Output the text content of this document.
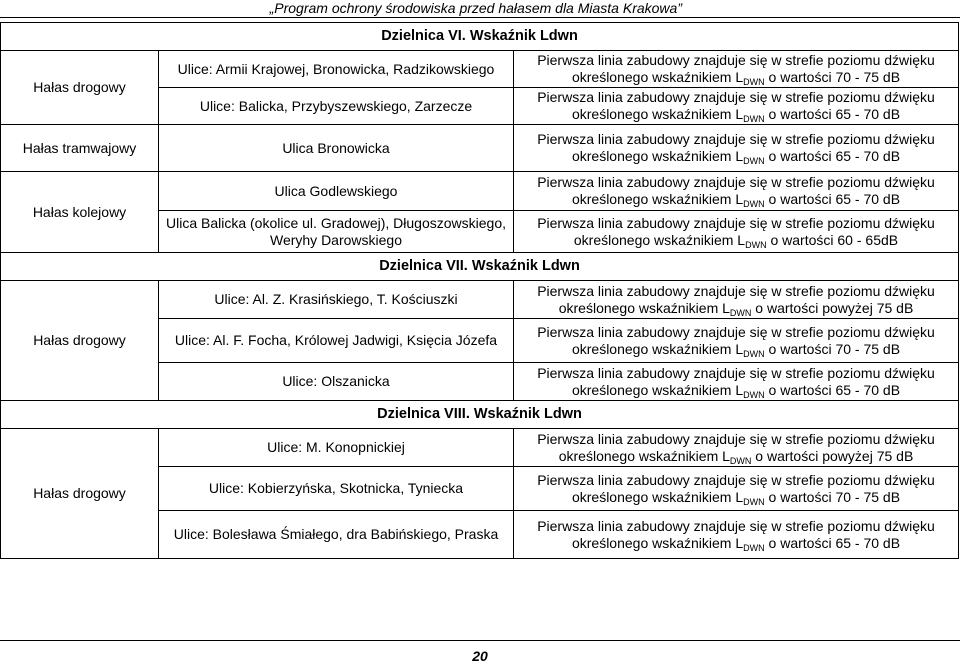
„Program ochrony środowiska przed hałasem dla Miasta Krakowa”
Dzielnica VI. Wskaźnik Ldwn		
Hałas drogowy	Ulice: Armii Krajowej, Bronowicka, Radzikowskiego	Pierwsza linia zabudowy znajduje się w strefie poziomu dźwięku
określonego wskaźnikiem $L_{DWN}$ o wartości 70 - 75 dB
	Ulice: Balicka, Przybyszewskiego, Zarzecze	Pierwsza linia zabudowy znajduje się w strefie poziomu dźwięku
określonego wskaźnikiem $L_{DWN}$ o wartości 65 - 70 dB
Hałas tramwajowy	Ulica Bronowicka	Pierwsza linia zabudowy znajduje się w strefie poziomu dźwięku
określonego wskaźnikiem $L_{DWN}$ o wartości 65 - 70 dB
Hałas kolejowy	Ulica Godlewskiego	Pierwsza linia zabudowy znajduje się w strefie poziomu dźwięku
określonego wskaźnikiem $L_{DWN}$ o wartości 65 - 70 dB
	Ulica Balicka (okolice ul. Gradowej), Długoszowskiego, Weryhy Darowskiego	Pierwsza linia zabudowy znajduje się w strefie poziomu dźwięku
określonego wskaźnikiem $L_{DWN}$ o wartości 60 - 65dB
Dzielnica VII. Wskaźnik Ldwn		
Hałas drogowy	Ulice: Al. Z. Krasińskiego, T. Kościuszki	Pierwsza linia zabudowy znajduje się w strefie poziomu dźwięku
określonego wskaźnikiem $L_{DWN}$ o wartości powyżej 75 dB
	Ulice: Al. F. Focha, Królowej Jadwigi, Księcia Józefa	Pierwsza linia zabudowy znajduje się w strefie poziomu dźwięku
określonego wskaźnikiem $L_{DWN}$ o wartości 70 - 75 dB
	Ulice: Olszanicka	Pierwsza linia zabudowy znajduje się w strefie poziomu dźwięku
określonego wskaźnikiem $L_{DWN}$ o wartości 65 - 70 dB
Dzielnica VIII. Wskaźnik Ldwn		
Hałas drogowy	Ulice: M. Konopnickiej	Pierwsza linia zabudowy znajduje się w strefie poziomu dźwięku
określonego wskaźnikiem $L_{DWN}$ o wartości powyżej 75 dB
	Ulice: Kobierzyńska, Skotnicka, Tyniecka	Pierwsza linia zabudowy znajduje się w strefie poziomu dźwięku
określonego wskaźnikiem $L_{DWN}$ o wartości 70 - 75 dB
	Ulice: Bolesława Śmiałego, dra Babińskiego, Praska	Pierwsza linia zabudowy znajduje się w strefie poziomu dźwięku
określonego wskaźnikiem $L_{DWN}$ o wartości 65 - 70 dB
20
